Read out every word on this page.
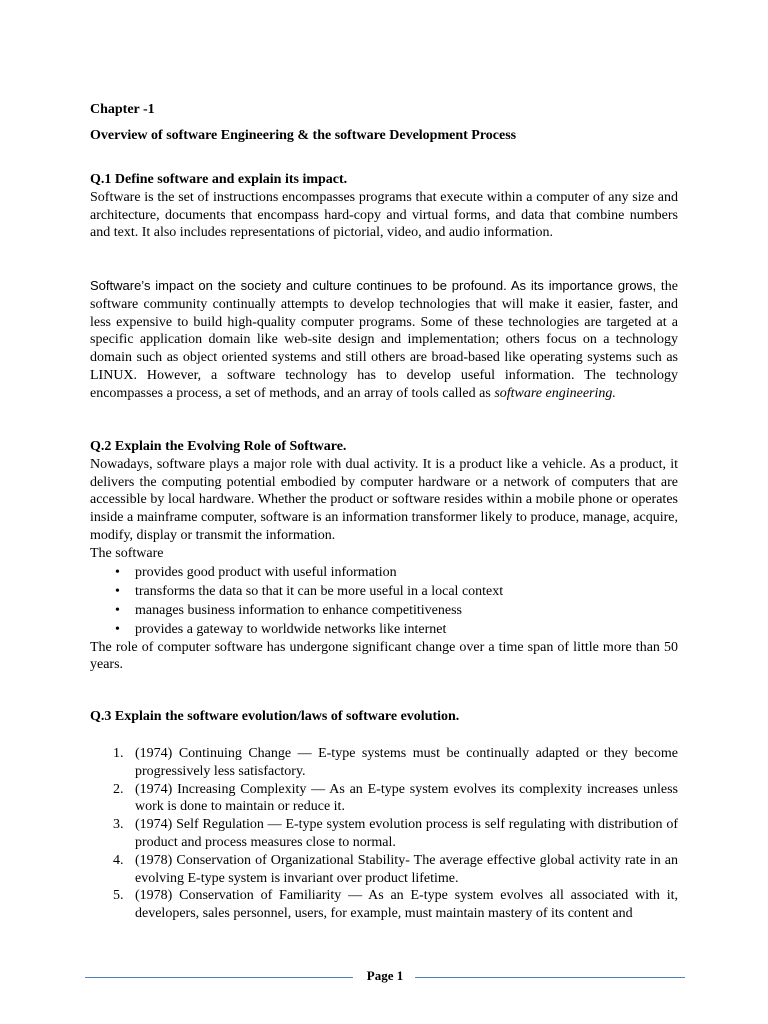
Chapter -1
Overview of software Engineering & the software Development Process
Q.1 Define software and explain its impact.

Software is the set of instructions encompasses programs that execute within a computer of any size and architecture, documents that encompass hard-copy and virtual forms, and data that combine numbers and text. It also includes representations of pictorial, video, and audio information.

Software’s impact on the society and culture continues to be profound. As its importance grows, the software community continually attempts to develop technologies that will make it easier, faster, and less expensive to build high-quality computer programs. Some of these technologies are targeted at a specific application domain like web-site design and implementation; others focus on a technology domain such as object oriented systems and still others are broad-based like operating systems such as LINUX. However, a software technology has to develop useful information. The technology encompasses a process, a set of methods, and an array of tools called as software engineering.

Q.2 Explain the Evolving Role of Software.

Nowadays, software plays a major role with dual activity. It is a product like a vehicle. As a product, it delivers the computing potential embodied by computer hardware or a network of computers that are accessible by local hardware. Whether the product or software resides within a mobile phone or operates inside a mainframe computer, software is an information transformer likely to produce, manage, acquire, modify, display or transmit the information.

The software
• provides good product with useful information
• transforms the data so that it can be more useful in a local context
• manages business information to enhance competitiveness
• provides a gateway to worldwide networks like internet

The role of computer software has undergone significant change over a time span of little more than 50 years.

Q.3 Explain the software evolution/laws of software evolution.
1. (1974) Continuing Change — E-type systems must be continually adapted or they become progressively less satisfactory.
2. (1974) Increasing Complexity — As an E-type system evolves its complexity increases unless work is done to maintain or reduce it.
3. (1974) Self Regulation — E-type system evolution process is self regulating with distribution of product and process measures close to normal.
4. (1978) Conservation of Organizational Stability- The average effective global activity rate in an evolving E-type system is invariant over product lifetime.
5. (1978) Conservation of Familiarity — As an E-type system evolves all associated with it, developers, sales personnel, users, for example, must maintain mastery of its content and
Page 1
